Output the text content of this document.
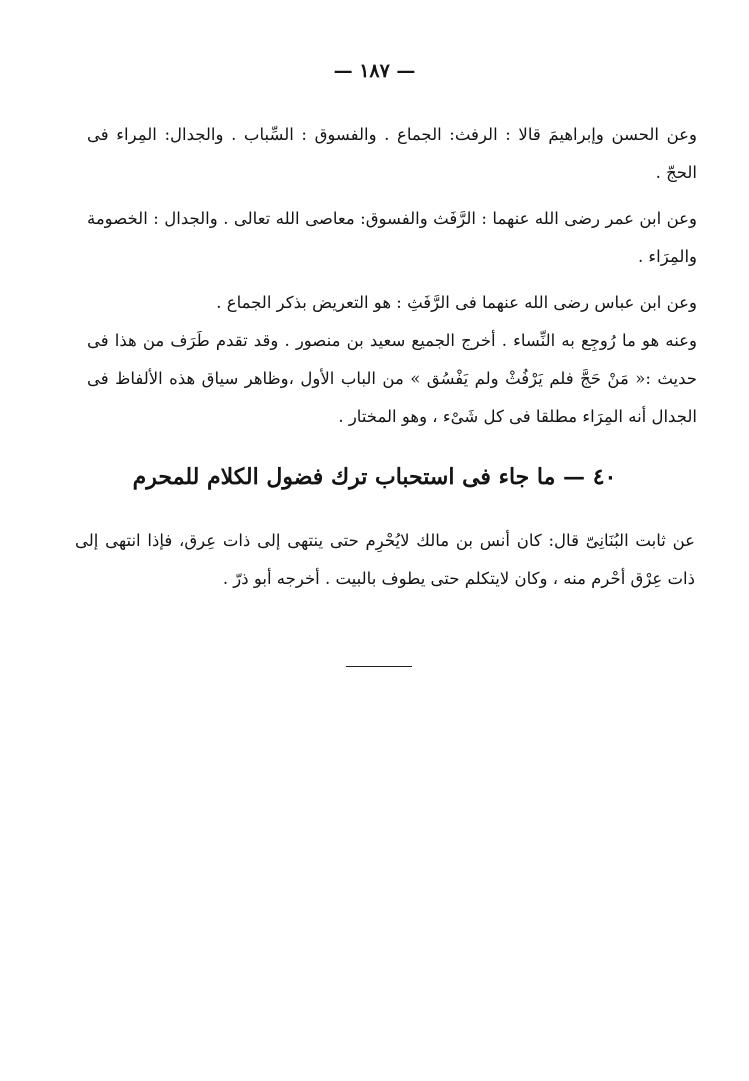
— ١٨٧ —
وعن الحسن وإبراهيمَ قالا : الرفث: الجماع . والفسوق : السِّباب . والجدال: المِراء فى الحجّ .
وعن ابن عمر رضى الله عنهما : الرَّفَث والفسوق: معاصى الله تعالى . والجدال : الخصومة والمِرَاء .
وعن ابن عباس رضى الله عنهما فى الرَّفَثِ : هو التعريض بذكر الجماع .
وعنه هو ما رُوجِع به النِّساء . أخرج الجميع سعيد بن منصور . وقد تقدم طَرَف من هذا فى حديث :« مَنْ حَجَّ فلم يَرْفُثْ ولم يَفْسُق » من الباب الأول ،وظاهر سياق هذه الألفاظ فى الجدال أنه المِرَاء مطلقا فى كل شَىْء ، وهو المختار .
٤٠ — ما جاء فى استحباب ترك فضول الكلام للمحرم
عن ثابت البُنَانِىّ قال: كان أنس بن مالك لايُحْرِم حتى ينتهى إلى ذات عِرق، فإذا انتهى إلى ذات عِرْق أحْرم منه ، وكان لايتكلم حتى يطوف بالبيت . أخرجه أبو ذرّ .
